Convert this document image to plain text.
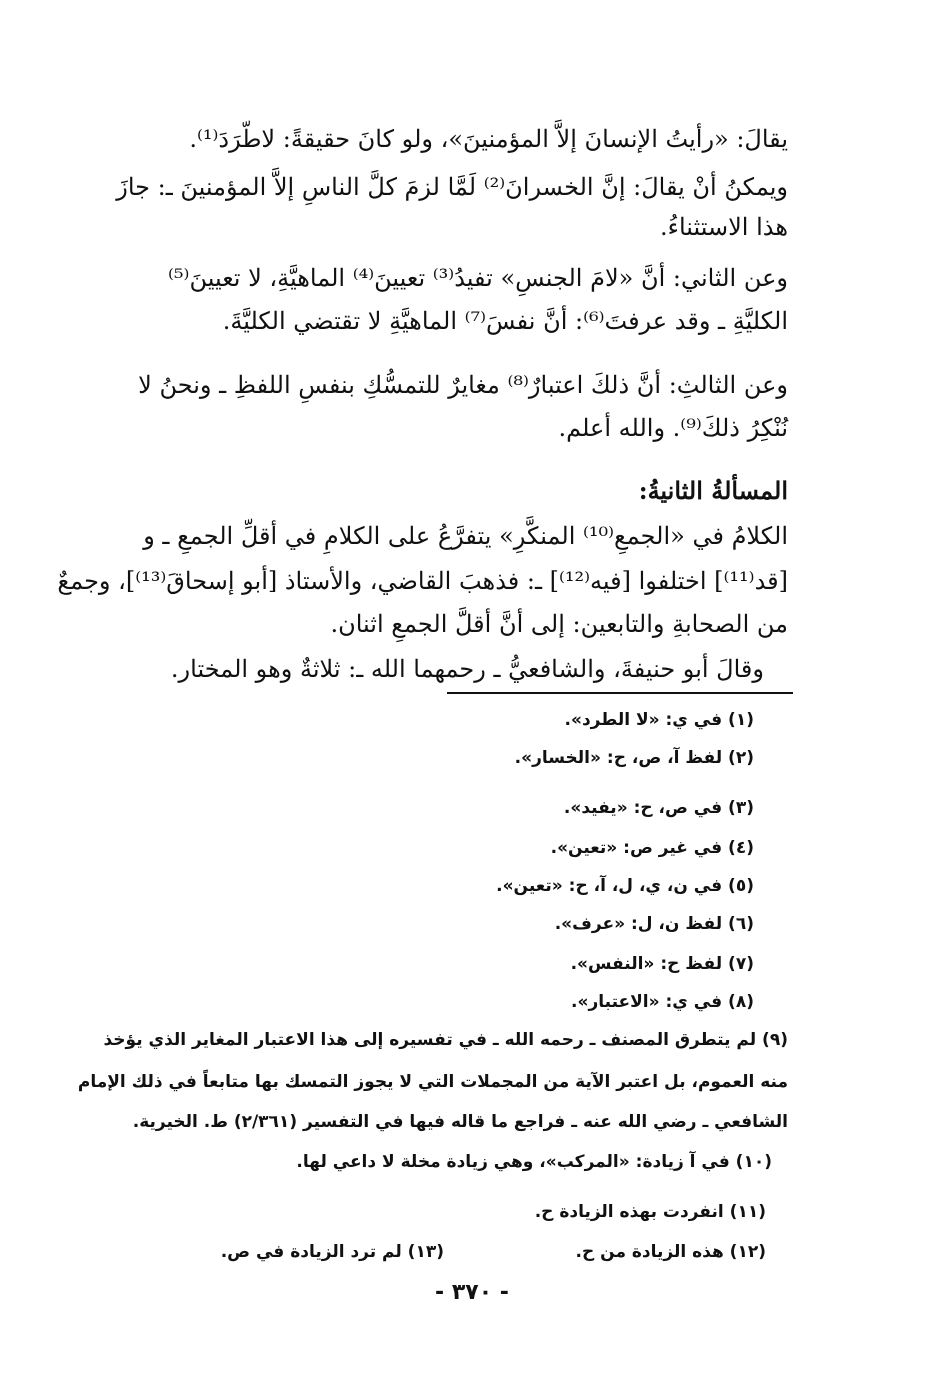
يقالَ: «رأيتُ الإنسانَ إلاَّ المؤمنينَ»، ولو كانَ حقيقةً: لاطّرَدَ⁽¹⁾.
ويمكنُ أنْ يقالَ: إنَّ الخسرانَ⁽²⁾ لَمَّا لزمَ كلَّ الناسِ إلاَّ المؤمنينَ ـ: جازَ
هذا الاستثناءُ.
وعن الثاني: أنَّ «لامَ الجنسِ» تفيدُ⁽³⁾ تعيينَ⁽⁴⁾ الماهيَّةِ، لا تعيينَ⁽⁵⁾
الكليَّةِ ـ وقد عرفتَ⁽⁶⁾: أنَّ نفسَ⁽⁷⁾ الماهيَّةِ لا تقتضي الكليَّةَ.
وعن الثالثِ: أنَّ ذلكَ اعتبارٌ⁽⁸⁾ مغايرٌ للتمسُّكِ بنفسِ اللفظِ ـ ونحنُ لا
نُنْكِرُ ذلكَ⁽⁹⁾. والله أعلم.
المسألةُ الثانيةُ:
الكلامُ في «الجمعِ⁽¹⁰⁾ المنكَّرِ» يتفرَّعُ على الكلامِ في أقلِّ الجمعِ ـ و
[قد⁽¹¹⁾] اختلفوا [فيه⁽¹²⁾] ـ: فذهبَ القاضي، والأستاذ [أبو إسحاقَ⁽¹³⁾]، وجمعٌ
من الصحابةِ والتابعين: إلى أنَّ أقلَّ الجمعِ اثنان.
وقالَ أبو حنيفةَ، والشافعيُّ ـ رحمهما الله ـ: ثلاثةٌ وهو المختار.
(١) في ي: «لا الطرد».
(٢) لفظ آ، ص، ح: «الخسار».
(٣) في ص، ح: «يفيد».
(٤) في غير ص: «تعين».
(٥) في ن، ي، ل، آ، ح: «تعين».
(٦) لفظ ن، ل: «عرف».
(٧) لفظ ح: «النفس».
(٨) في ي: «الاعتبار».
(٩) لم يتطرق المصنف ـ رحمه الله ـ في تفسيره إلى هذا الاعتبار المغاير الذي يؤخذ
منه العموم، بل اعتبر الآية من المجملات التي لا يجوز التمسك بها متابعاً في ذلك الإمام
الشافعي ـ رضي الله عنه ـ فراجع ما قاله فيها في التفسير (٢/٣٦١) ط. الخيرية.
(١٠) في آ زيادة: «المركب»، وهي زيادة مخلة لا داعي لها.
(١١) انفردت بهذه الزيادة ح.
(١٢) هذه الزيادة من ح.
(١٣) لم ترد الزيادة في ص.
- ٣٧٠ -
